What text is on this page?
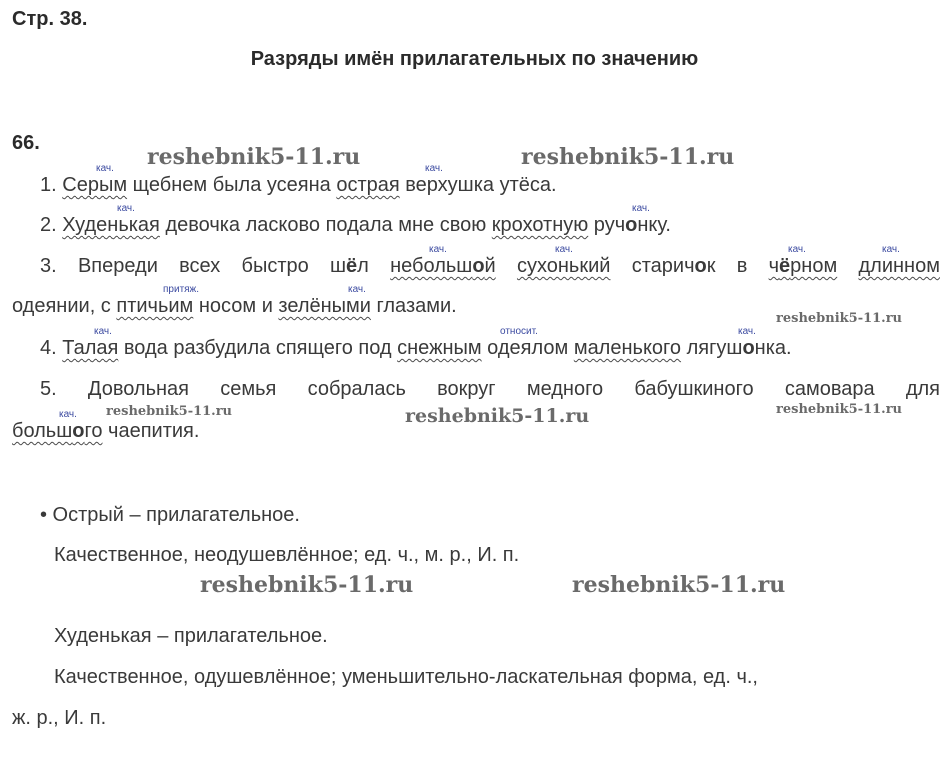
Стр. 38.
Разряды имён прилагательных по значению
66.
reshebnik5-11.ru	reshebnik5-11.ru
reshebnik5-11.ru
reshebnik5-11.ru	reshebnik5-11.ru	reshebnik5-11.ru
reshebnik5-11.ru	reshebnik5-11.ru
кач.	кач.
кач.	кач.
кач.	кач.	кач.	кач.
притяж.	кач.
кач.	относит.	кач.
кач.
1. Серым щебнем была усеяна острая верхушка утёса.
2. Худенькая девочка ласково подала мне свою крохотную ручонку.
3. Впереди всех быстро шёл небольшой сухонький старичок в чёрном длинном
одеянии, с птичьим носом и зелёными глазами.
4. Талая вода разбудила спящего под снежным одеялом маленького лягушонка.
5. Довольная семья собралась вокруг медного бабушкиного самовара для
большого чаепития.
• Острый – прилагательное.
Качественное, неодушевлённое; ед. ч., м. р., И. п.
Худенькая – прилагательное.
Качественное, одушевлённое; уменьшительно-ласкательная форма, ед. ч.,
ж. р., И. п.
